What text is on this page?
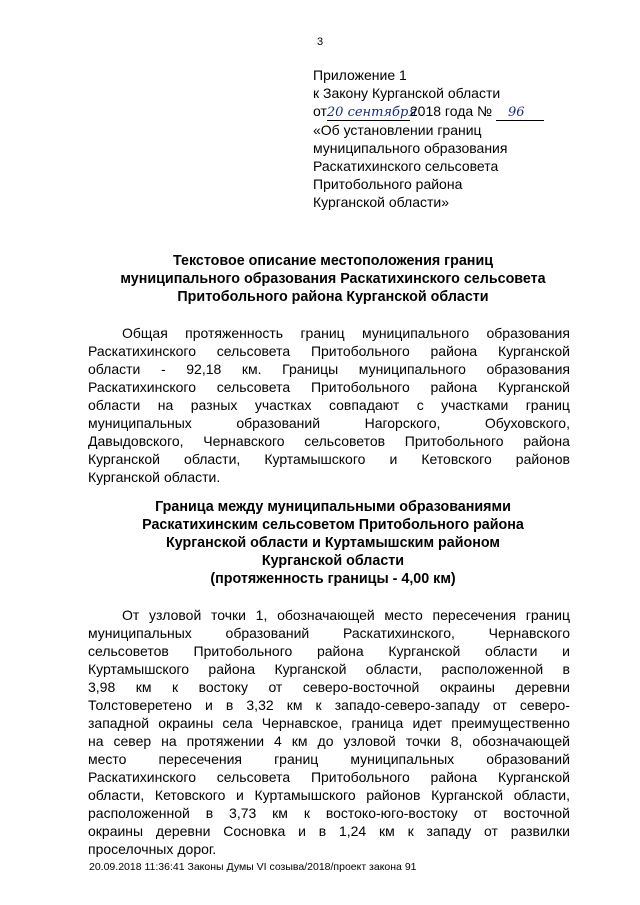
3
Приложение 1
к Закону Курганской области
от20 сентября2018 года № 96
«Об установлении границ
муниципального образования
Раскатихинского сельсовета
Притобольного района
Курганской области»
Текстовое описание местоположения границ
муниципального образования Раскатихинского сельсовета
Притобольного района Курганской области
Общая протяженность границ муниципального образования
Раскатихинского сельсовета Притобольного района Курганской
области - 92,18 км. Границы муниципального образования
Раскатихинского сельсовета Притобольного района Курганской
области на разных участках совпадают с участками границ
муниципальных	образований	Нагорского,	Обуховского,
Давыдовского, Чернавского сельсоветов Притобольного района
Курганской области, Куртамышского и Кетовского районов
Курганской области.
Граница между муниципальными образованиями
Раскатихинским сельсоветом Притобольного района
Курганской области и Куртамышским районом
Курганской области
(протяженность границы - 4,00 км)
От узловой точки 1, обозначающей место пересечения границ
муниципальных образований Раскатихинского, Чернавского
сельсоветов Притобольного района Курганской области и
Куртамышского района Курганской области, расположенной в
3,98 км к востоку от северо-восточной окраины деревни
Толстоверетено и в 3,32 км к западо-северо-западу от северо-
западной окраины села Чернавское, граница идет преимущественно
на север на протяжении 4 км до узловой точки 8, обозначающей
место пересечения границ муниципальных образований
Раскатихинского сельсовета Притобольного района Курганской
области, Кетовского и Куртамышского районов Курганской области,
расположенной в 3,73 км к востоко-юго-востоку от восточной
окраины деревни Сосновка и в 1,24 км к западу от развилки
проселочных дорог.
20.09.2018 11:36:41 Законы Думы VI созыва/2018/проект закона 91
